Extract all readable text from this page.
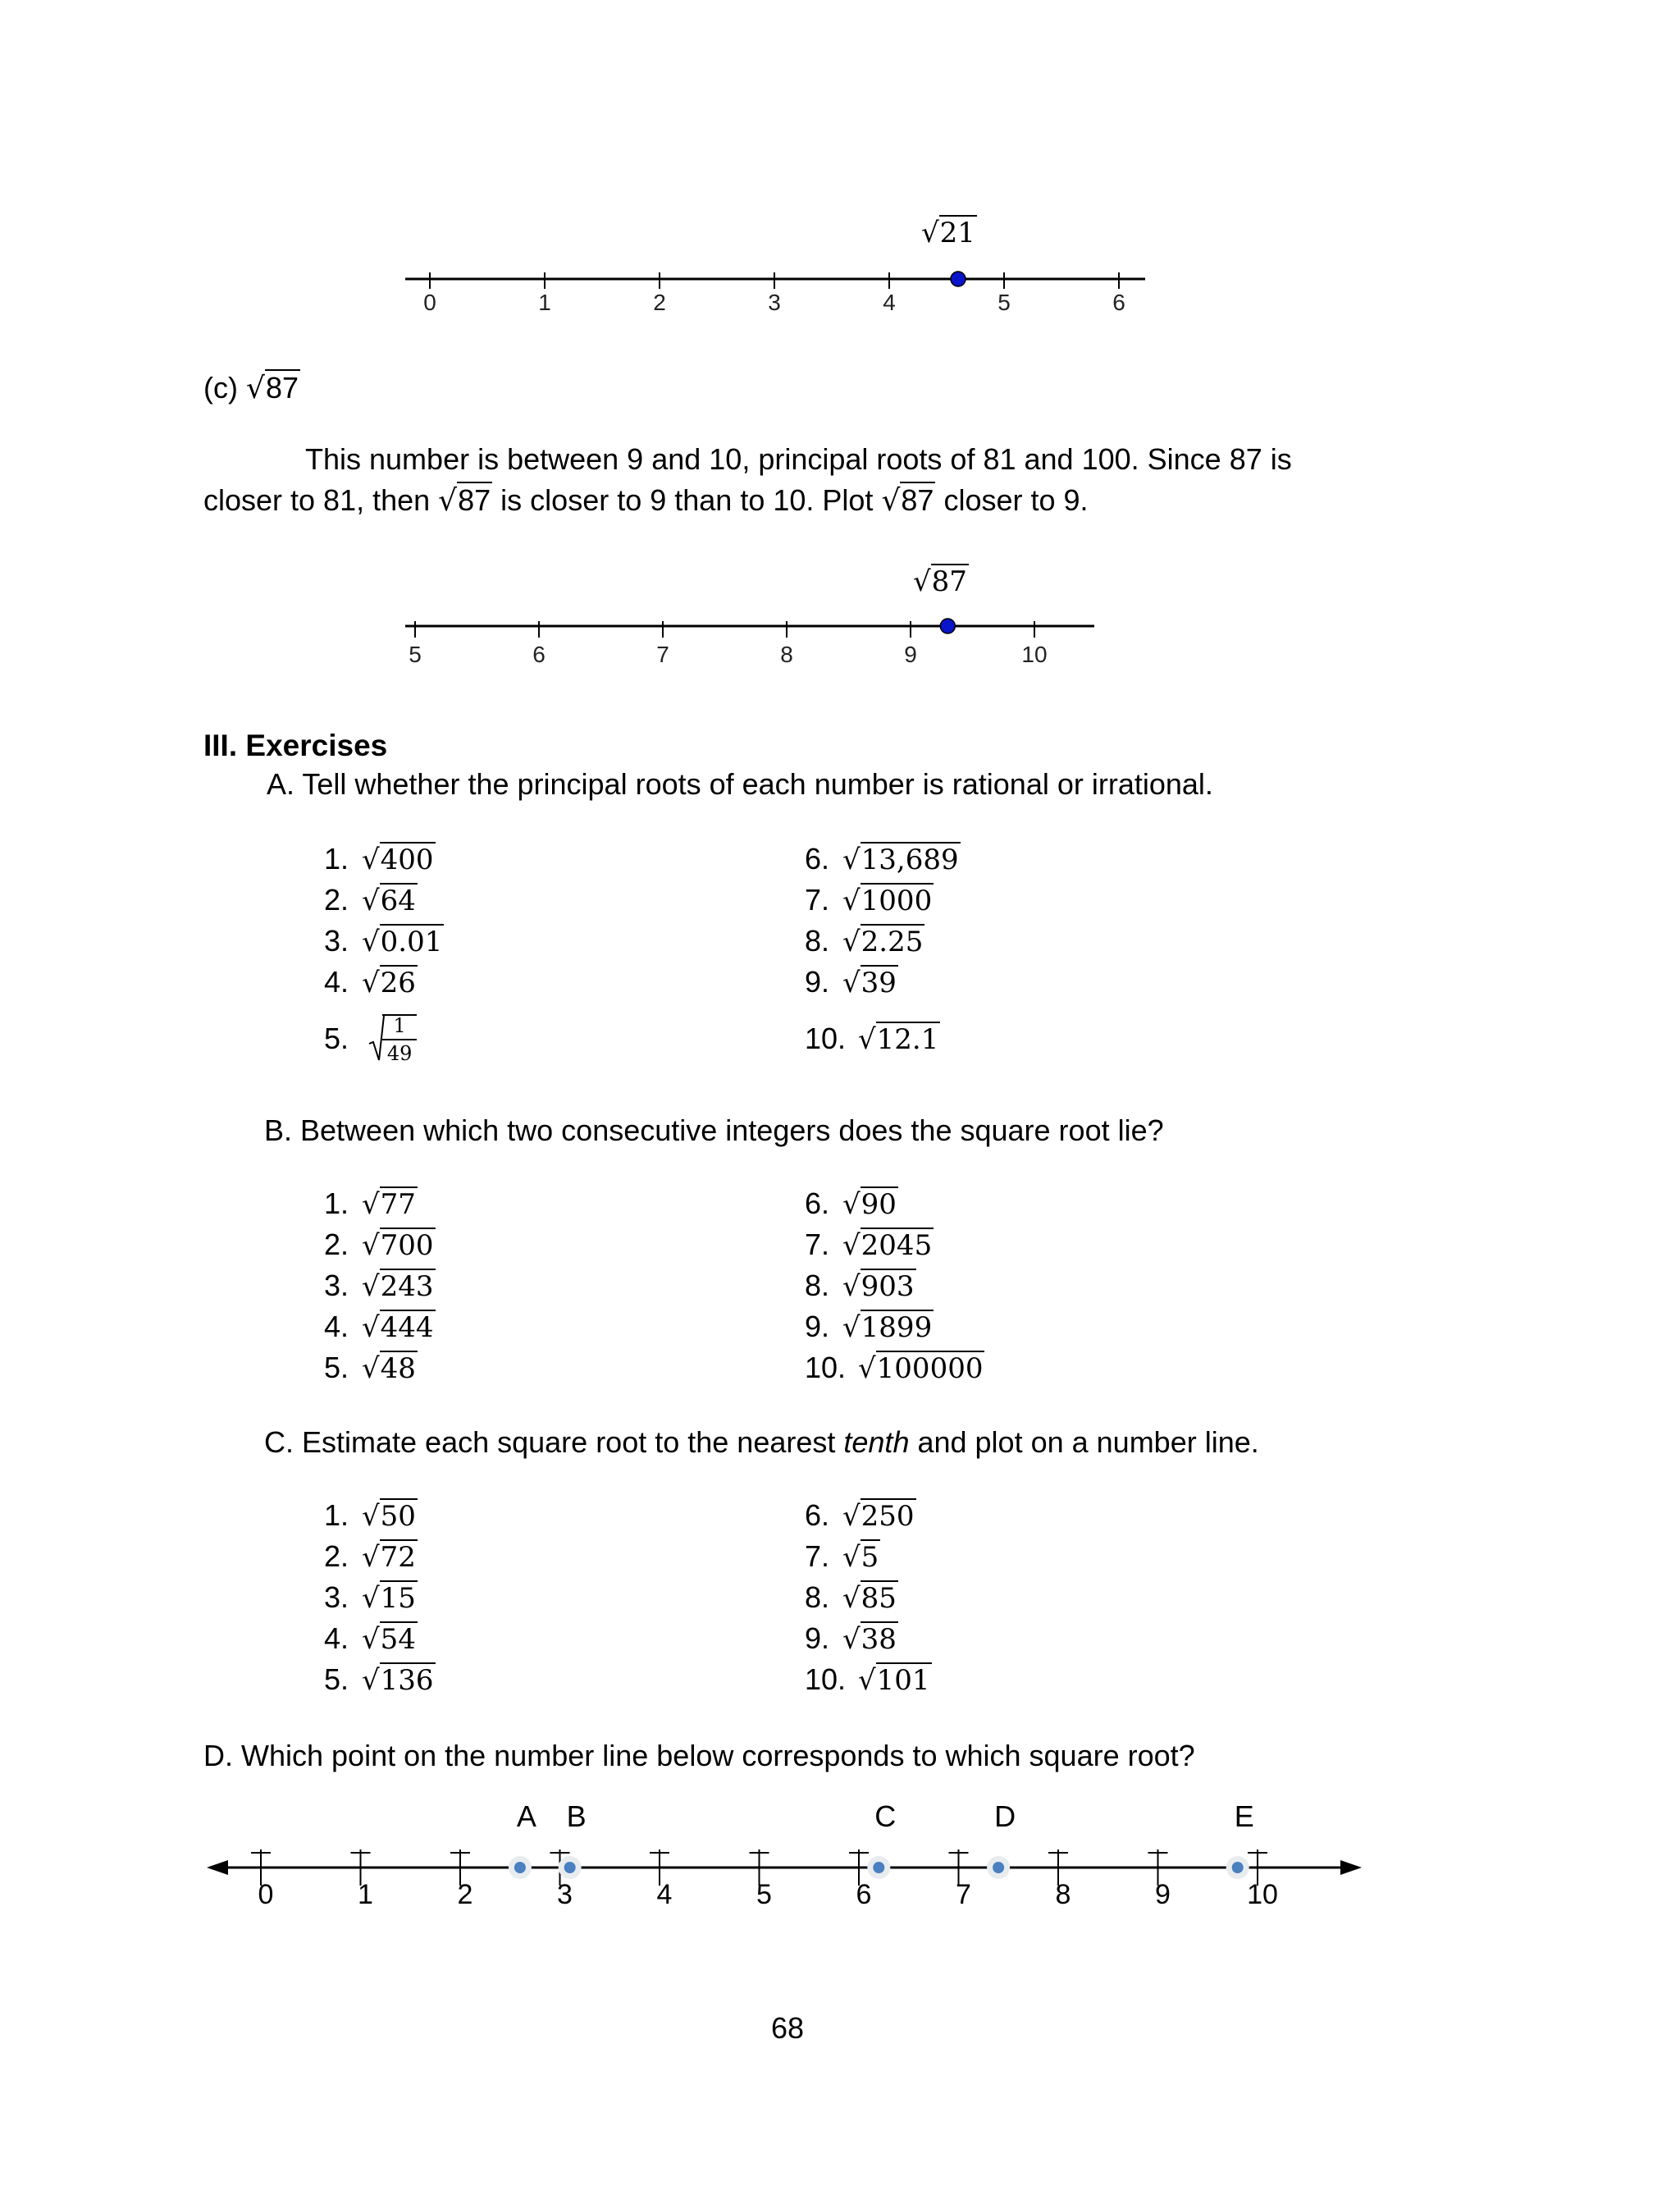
0	1	2	3	4	5	6
√21
(c) √87
This number is between 9 and 10, principal roots of 81 and 100. Since 87 is
closer to 81, then √87 is closer to 9 than to 10. Plot √87 closer to 9.
5	6	7	8	9	10
√87
III. Exercises
A. Tell whether the principal roots of each number is rational or irrational.
1. √400
2. √64
3. √0.01
4. √26
5. $\frac{1}{49}$
6. √13,689
7. √1000
8. √2.25
9. √39
10. √12.1
B. Between which two consecutive integers does the square root lie?
1. √77
2. √700
3. √243
4. √444
5. √48
6. √90
7. √2045
8. √903
9. √1899
10. √100000
C. Estimate each square root to the nearest tenth and plot on a number line.
1. √50
2. √72
3. √15
4. √54
5. √136
6. √250
7. √5
8. √85
9. √38
10. √101
D. Which point on the number line below corresponds to which square root?
0	1	2	3	4	5	6	7	8	9	10
A B	C	D	E
68
